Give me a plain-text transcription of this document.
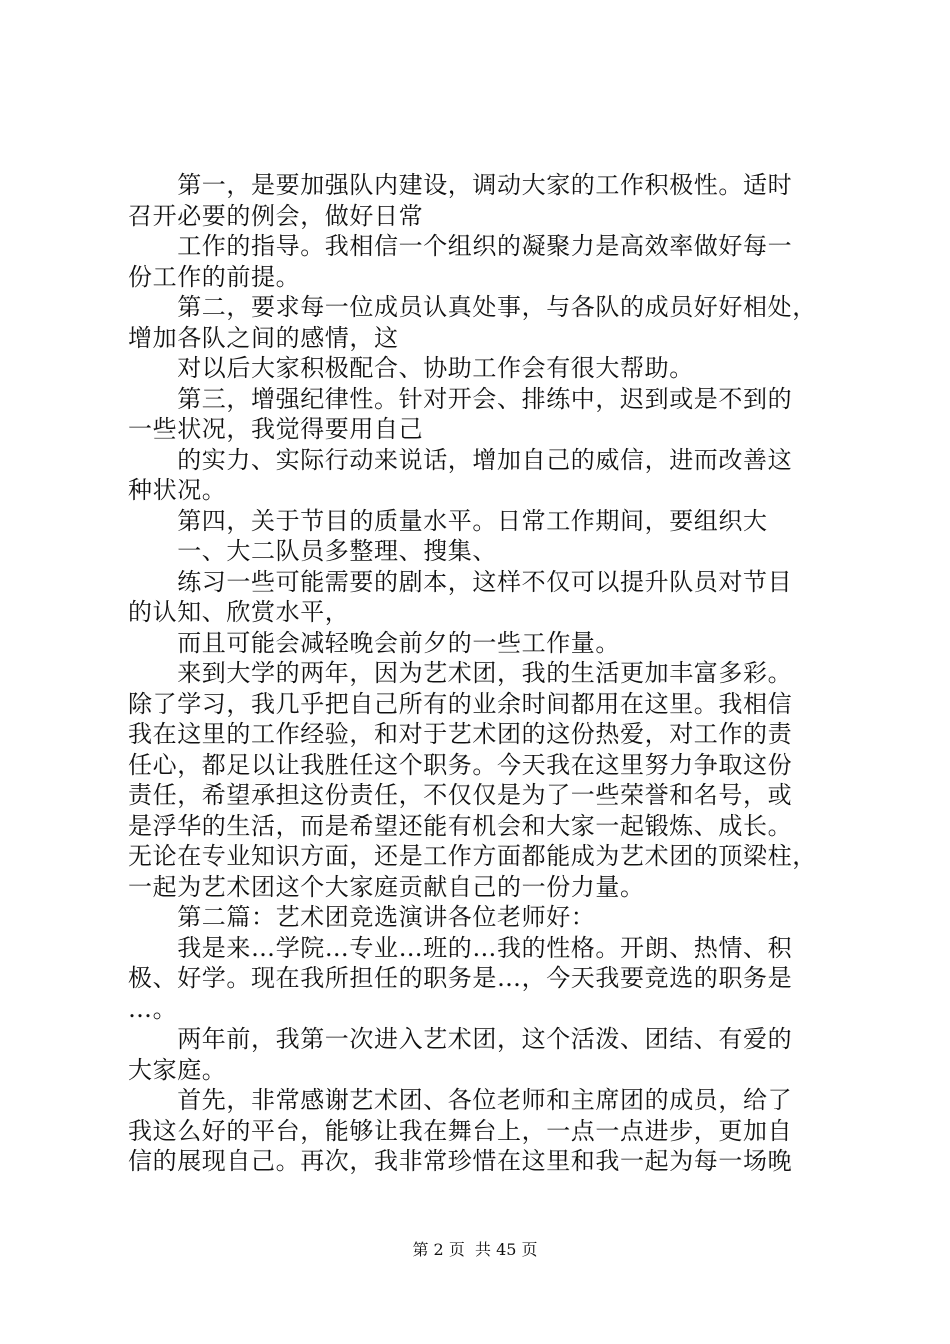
　　第一，是要加强队内建设，调动大家的工作积极性。适时
召开必要的例会，做好日常
　　工作的指导。我相信一个组织的凝聚力是高效率做好每一
份工作的前提。
　　第二，要求每一位成员认真处事，与各队的成员好好相处，
增加各队之间的感情，这
　　对以后大家积极配合、协助工作会有很大帮助。
　　第三，增强纪律性。针对开会、排练中，迟到或是不到的
一些状况，我觉得要用自己
　　的实力、实际行动来说话，增加自己的威信，进而改善这
种状况。
　　第四，关于节目的质量水平。日常工作期间，要组织大
　　一、大二队员多整理、搜集、
　　练习一些可能需要的剧本，这样不仅可以提升队员对节目
的认知、欣赏水平，
　　而且可能会减轻晚会前夕的一些工作量。
　　来到大学的两年，因为艺术团，我的生活更加丰富多彩。
除了学习，我几乎把自己所有的业余时间都用在这里。我相信
我在这里的工作经验，和对于艺术团的这份热爱，对工作的责
任心，都足以让我胜任这个职务。今天我在这里努力争取这份
责任，希望承担这份责任，不仅仅是为了一些荣誉和名号，或
是浮华的生活，而是希望还能有机会和大家一起锻炼、成长。
无论在专业知识方面，还是工作方面都能成为艺术团的顶梁柱，
一起为艺术团这个大家庭贡献自己的一份力量。
　　第二篇：艺术团竞选演讲各位老师好：
　　我是来…学院…专业…班的…我的性格。开朗、热情、积
极、好学。现在我所担任的职务是…，今天我要竞选的职务是
…。
　　两年前，我第一次进入艺术团，这个活泼、团结、有爱的
大家庭。
　　首先，非常感谢艺术团、各位老师和主席团的成员，给了
我这么好的平台，能够让我在舞台上，一点一点进步，更加自
信的展现自己。再次，我非常珍惜在这里和我一起为每一场晚
第 2 页  共 45 页
